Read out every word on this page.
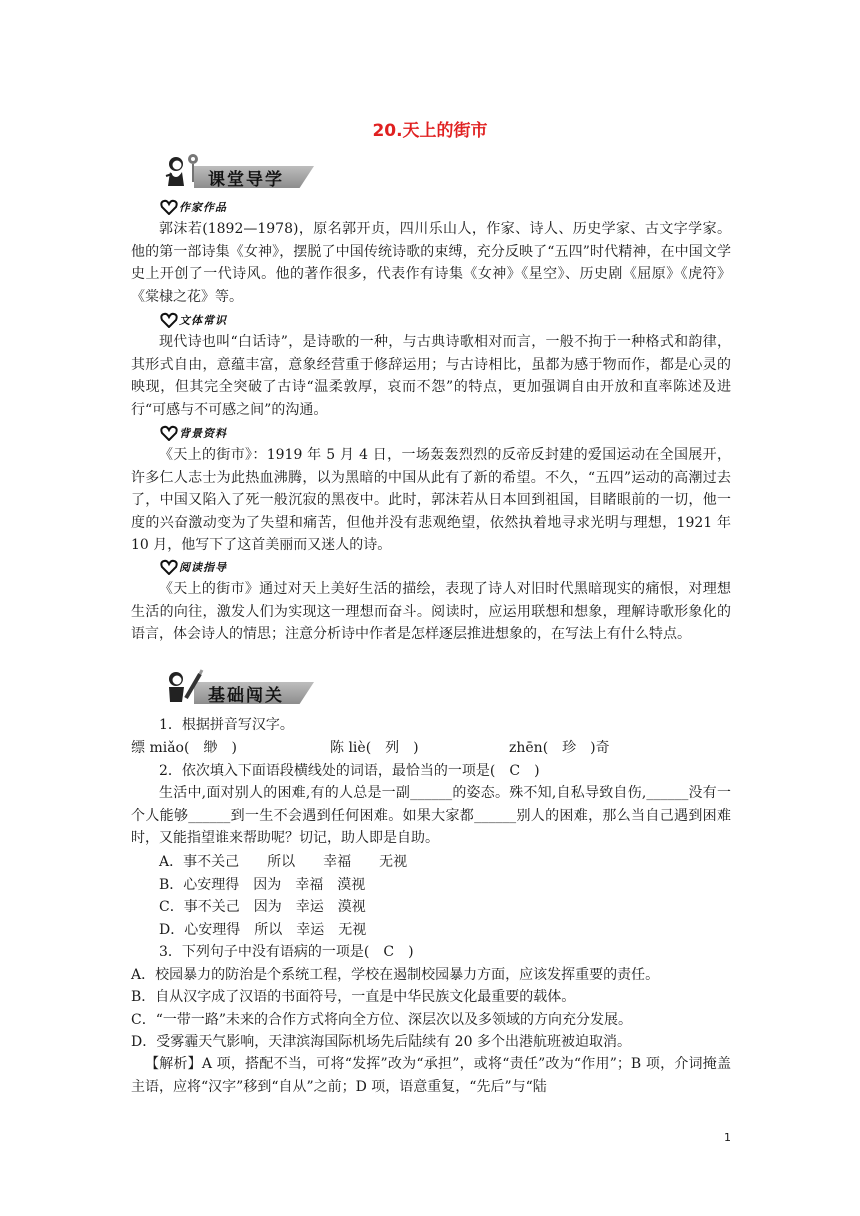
20.天上的街市
课堂导学
作家作品

郭沫若(1892—1978)，原名郭开贞，四川乐山人，作家、诗人、历史学家、古文字学家。他的第一部诗集《女神》，摆脱了中国传统诗歌的束缚，充分反映了“五四”时代精神，在中国文学史上开创了一代诗风。他的著作很多，代表作有诗集《女神》《星空》、历史剧《屈原》《虎符》《棠棣之花》等。

文体常识

现代诗也叫“白话诗”，是诗歌的一种，与古典诗歌相对而言，一般不拘于一种格式和韵律，其形式自由，意蕴丰富，意象经营重于修辞运用；与古诗相比，虽都为感于物而作，都是心灵的映现，但其完全突破了古诗“温柔敦厚，哀而不怨”的特点，更加强调自由开放和直率陈述及进行“可感与不可感之间”的沟通。

背景资料

《天上的街市》：1919 年 5 月 4 日，一场轰轰烈烈的反帝反封建的爱国运动在全国展开，许多仁人志士为此热血沸腾，以为黑暗的中国从此有了新的希望。不久，“五四”运动的高潮过去了，中国又陷入了死一般沉寂的黑夜中。此时，郭沫若从日本回到祖国，目睹眼前的一切，他一度的兴奋激动变为了失望和痛苦，但他并没有悲观绝望，依然执着地寻求光明与理想，1921 年 10 月，他写下了这首美丽而又迷人的诗。

阅读指导

《天上的街市》通过对天上美好生活的描绘，表现了诗人对旧时代黑暗现实的痛恨，对理想生活的向往，激发人们为实现这一理想而奋斗。阅读时，应运用联想和想象，理解诗歌形象化的语言，体会诗人的情思；注意分析诗中作者是怎样逐层推进想象的，在写法上有什么特点。

基础闯关
1．根据拼音写汉字。
缥 miǎo(　缈　)	陈 liè(　列　)	zhēn(　珍　)奇
2．依次填入下面语段横线处的词语，最恰当的一项是(　C　)

生活中,面对别人的困难,有的人总是一副______的姿态。殊不知,自私导致自伤,______没有一个人能够______到一生不会遇到任何困难。如果大家都______别人的困难，那么当自己遇到困难时，又能指望谁来帮助呢？切记，助人即是自助。

A．事不关己　　所以　　幸福　　无视
B．心安理得　因为　幸福　漠视
C．事不关己　因为　幸运　漠视
D．心安理得　所以　幸运　无视
3．下列句子中没有语病的一项是(　C　)
A．校园暴力的防治是个系统工程，学校在遏制校园暴力方面，应该发挥重要的责任。
B．自从汉字成了汉语的书面符号，一直是中华民族文化最重要的载体。
C．“一带一路”未来的合作方式将向全方位、深层次以及多领域的方向充分发展。
D．受雾霾天气影响，天津滨海国际机场先后陆续有 20 多个出港航班被迫取消。

【解析】A 项，搭配不当，可将“发挥”改为“承担”，或将“责任”改为“作用”；B 项，介词掩盖主语，应将“汉字”移到“自从”之前；D 项，语意重复，“先后”与“陆

1
